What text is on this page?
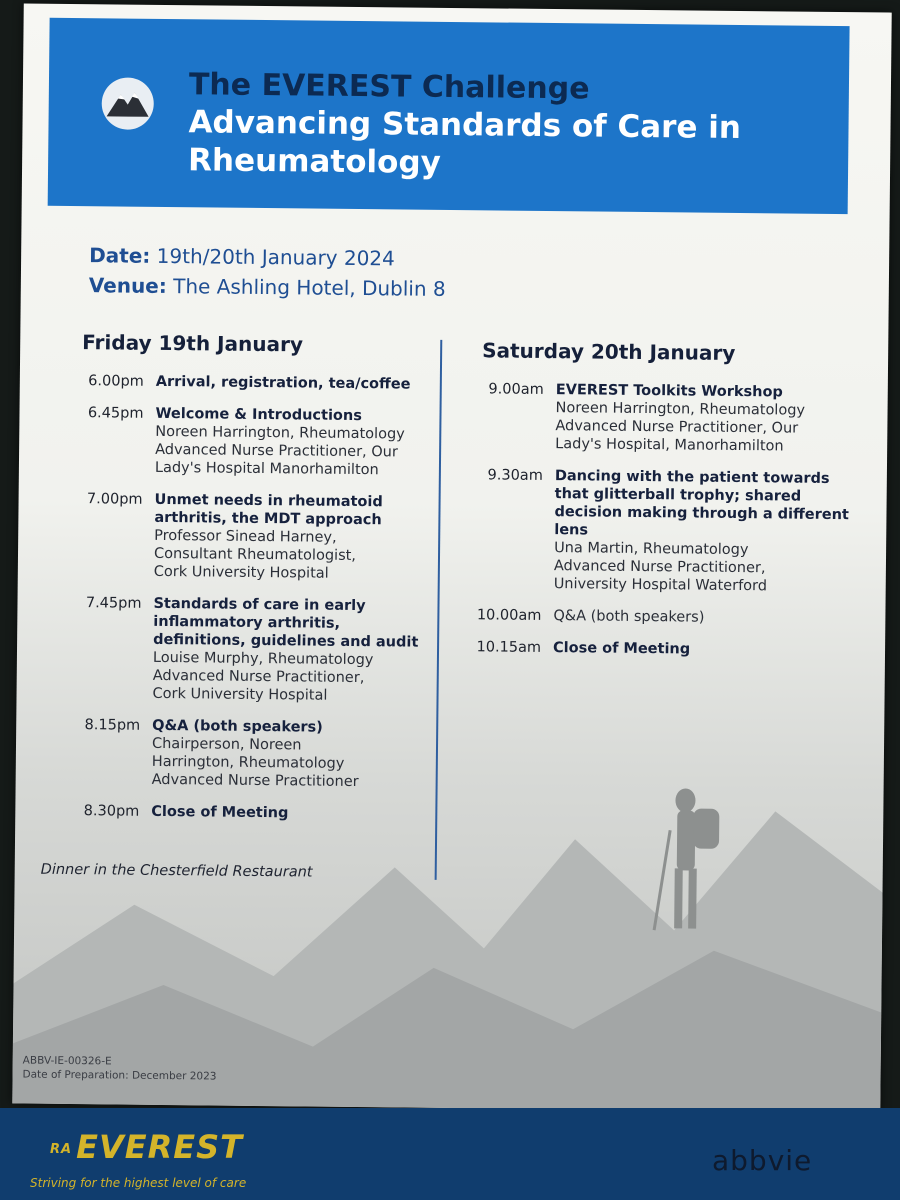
The EVEREST Challenge
Advancing Standards of Care in Rheumatology
Date: 19th/20th January 2024
Venue: The Ashling Hotel, Dublin 8
Friday 19th January
6.00pm Arrival, registration, tea/coffee
6.45pm Welcome & Introductions
Noreen Harrington, Rheumatology
Advanced Nurse Practitioner, Our
Lady's Hospital Manorhamilton
7.00pm Unmet needs in rheumatoid arthritis, the MDT approach
Professor Sinead Harney,
Consultant Rheumatologist,
Cork University Hospital
7.45pm Standards of care in early inflammatory arthritis, definitions, guidelines and audit
Louise Murphy, Rheumatology
Advanced Nurse Practitioner,
Cork University Hospital
8.15pm Q&A (both speakers)
Chairperson, Noreen
Harrington, Rheumatology
Advanced Nurse Practitioner
8.30pm Close of Meeting
Saturday 20th January
9.00am EVEREST Toolkits Workshop
Noreen Harrington, Rheumatology
Advanced Nurse Practitioner, Our
Lady's Hospital, Manorhamilton
9.30am Dancing with the patient towards that glitterball trophy; shared decision making through a different lens
Una Martin, Rheumatology
Advanced Nurse Practitioner,
University Hospital Waterford
10.00am Q&A (both speakers)
10.15am Close of Meeting
Dinner in the Chesterfield Restaurant
ABBV-IE-00326-E
Date of Preparation: December 2023
RA EVEREST
Striving for the highest level of care
abbvie
